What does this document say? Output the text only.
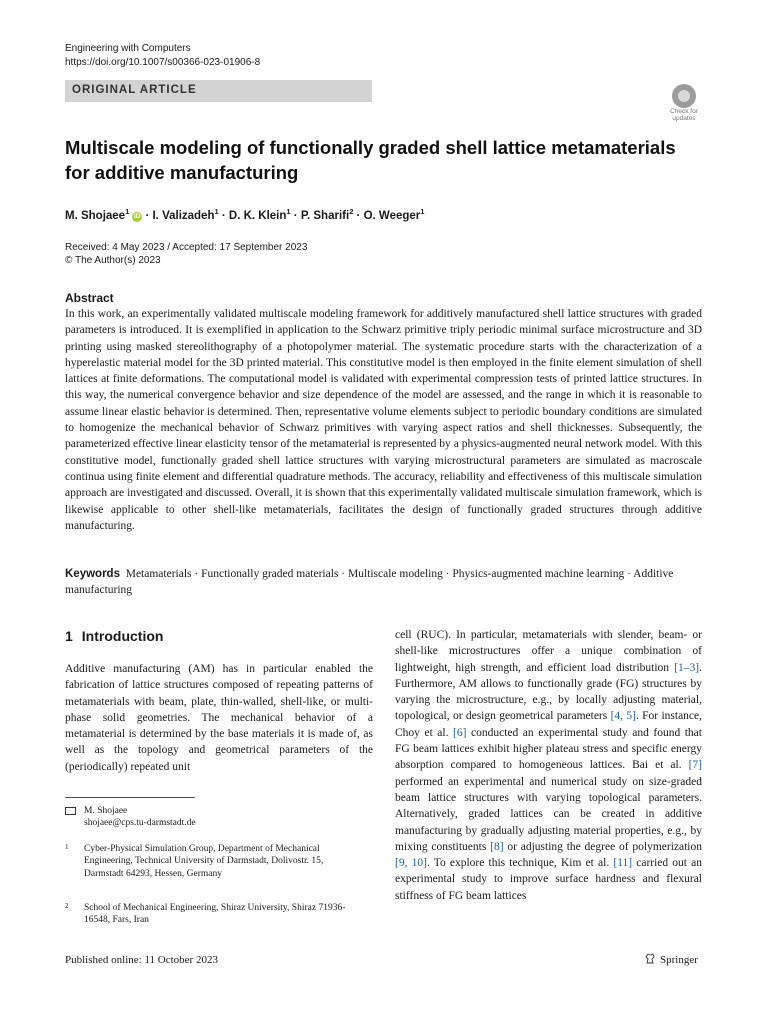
Engineering with Computers
https://doi.org/10.1007/s00366-023-01906-8
ORIGINAL ARTICLE
Check for
updates
Multiscale modeling of functionally graded shell lattice metamaterials
for additive manufacturing
M. Shojaee$^1$iD · I. Valizadeh$^1$ · D. K. Klein$^1$ · P. Sharifi$^2$ · O. Weeger$^1$
Received: 4 May 2023 / Accepted: 17 September 2023
© The Author(s) 2023
Abstract
In this work, an experimentally validated multiscale modeling framework for additively manufactured shell lattice structures with graded parameters is introduced. It is exemplified in application to the Schwarz primitive triply periodic minimal surface microstructure and 3D printing using masked stereolithography of a photopolymer material. The systematic procedure starts with the characterization of a hyperelastic material model for the 3D printed material. This constitutive model is then employed in the finite element simulation of shell lattices at finite deformations. The computational model is validated with experimental compression tests of printed lattice structures. In this way, the numerical convergence behavior and size dependence of the model are assessed, and the range in which it is reasonable to assume linear elastic behavior is determined. Then, representative volume elements subject to periodic boundary conditions are simulated to homogenize the mechanical behavior of Schwarz primitives with varying aspect ratios and shell thicknesses. Subsequently, the parameterized effective linear elasticity tensor of the metamaterial is represented by a physics-augmented neural network model. With this constitutive model, functionally graded shell lattice structures with varying microstructural parameters are simulated as macroscale continua using finite element and differential quadrature methods. The accuracy, reliability and effectiveness of this multiscale simulation approach are investigated and discussed. Overall, it is shown that this experimentally validated multiscale simulation framework, which is likewise applicable to other shell-like metamaterials, facilitates the design of functionally graded structures through additive manufacturing.
Keywords Metamaterials · Functionally graded materials · Multiscale modeling · Physics-augmented machine learning · Additive manufacturing
1 Introduction
Additive manufacturing (AM) has in particular enabled the fabrication of lattice structures composed of repeating patterns of metamaterials with beam, plate, thin-walled, shell-like, or multi-phase solid geometries. The mechanical behavior of a metamaterial is determined by the base materials it is made of, as well as the topology and geometrical parameters of the (periodically) repeated unit
cell (RUC). In particular, metamaterials with slender, beam- or shell-like microstructures offer a unique combination of lightweight, high strength, and efficient load distribution [1–3]. Furthermore, AM allows to functionally grade (FG) structures by varying the microstructure, e.g., by locally adjusting material, topological, or design geometrical parameters [4, 5]. For instance, Choy et al. [6] conducted an experimental study and found that FG beam lattices exhibit higher plateau stress and specific energy absorption compared to homogeneous lattices. Bai et al. [7] performed an experimental and numerical study on size-graded beam lattice structures with varying topological parameters. Alternatively, graded lattices can be created in additive manufacturing by gradually adjusting material properties, e.g., by mixing constituents [8] or adjusting the degree of polymerization [9, 10]. To explore this technique, Kim et al. [11] carried out an experimental study to improve surface hardness and flexural stiffness of FG beam lattices
M. Shojaee
shojaee@cps.tu-darmstadt.de
1 Cyber-Physical Simulation Group, Department of Mechanical Engineering, Technical University of Darmstadt, Dolivostr. 15, Darmstadt 64293, Hessen, Germany
2 School of Mechanical Engineering, Shiraz University, Shiraz 71936-16548, Fars, Iran
Published online: 11 October 2023	Springer
